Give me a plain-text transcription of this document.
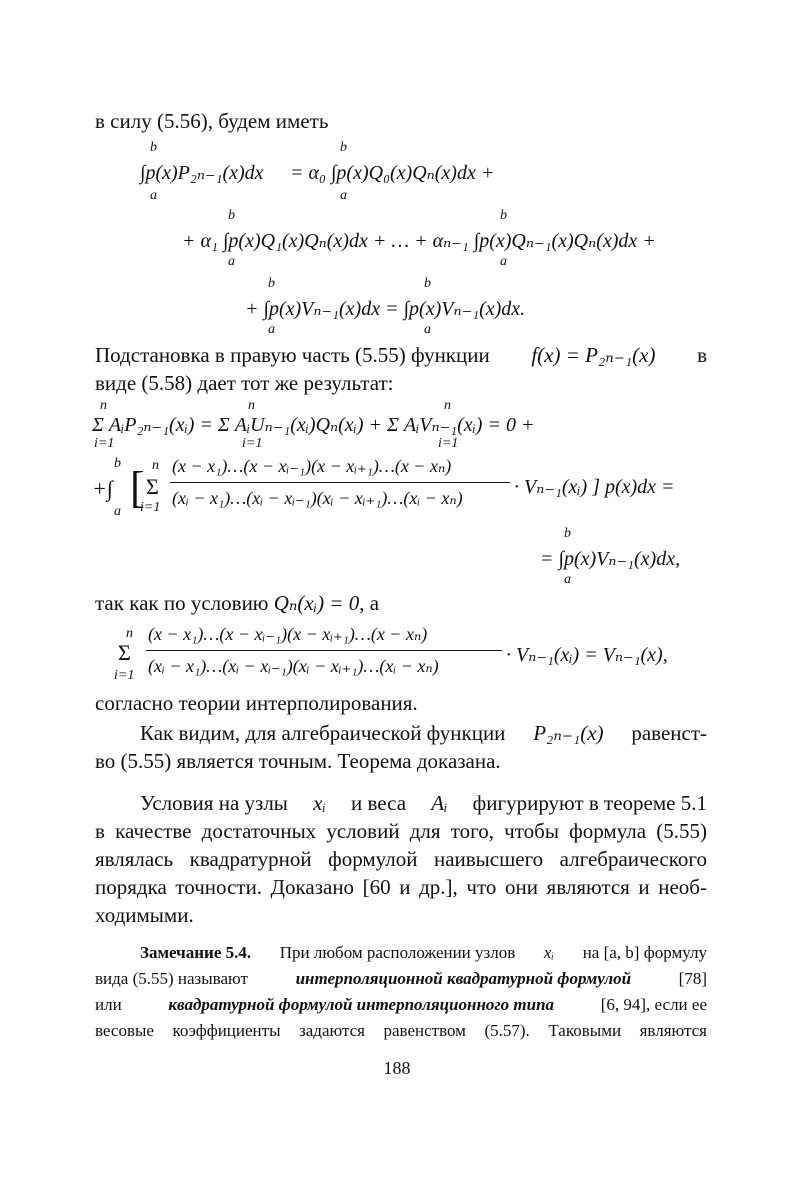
в силу (5.56), будем иметь
b
a
∫p(x)P₂ₙ₋₁(x)dx
b
a
= α₀ ∫p(x)Q₀(x)Qₙ(x)dx +
b
a
b
a
+ α₁ ∫p(x)Q₁(x)Qₙ(x)dx + … + αₙ₋₁ ∫p(x)Qₙ₋₁(x)Qₙ(x)dx +
b
a
b
a
+ ∫p(x)Vₙ₋₁(x)dx = ∫p(x)Vₙ₋₁(x)dx.
Подстановка в правую часть (5.55) функции f(x) = P₂ₙ₋₁(x) в
виде (5.58) дает тот же результат:
n
i=1
n
i=1
n
i=1
Σ AᵢP₂ₙ₋₁(xᵢ) = Σ AᵢUₙ₋₁(xᵢ)Qₙ(xᵢ) + Σ AᵢVₙ₋₁(xᵢ) = 0 +
+∫
b
a [ n
Σ
i=1
(x − x₁)…(x − xᵢ₋₁)(x − xᵢ₊₁)…(x − xₙ)
(xᵢ − x₁)…(xᵢ − xᵢ₋₁)(xᵢ − xᵢ₊₁)…(xᵢ − xₙ)	· Vₙ₋₁(xᵢ) ] p(x)dx =
b
a
= ∫p(x)Vₙ₋₁(x)dx,
так как по условию Qₙ(xᵢ) = 0, а
n
Σ
i=1
(x − x₁)…(x − xᵢ₋₁)(x − xᵢ₊₁)…(x − xₙ)
(xᵢ − x₁)…(xᵢ − xᵢ₋₁)(xᵢ − xᵢ₊₁)…(xᵢ − xₙ)	· Vₙ₋₁(xᵢ) = Vₙ₋₁(x),
согласно теории интерполирования.
Как видим, для алгебраической функции P₂ₙ₋₁(x) равенст-
во (5.55) является точным. Теорема доказана.
Условия на узлы xᵢ и веса Aᵢ фигурируют в теореме 5.1
в качестве достаточных условий для того, чтобы формула (5.55)
являлась квадратурной формулой наивысшего алгебраического
порядка точности. Доказано [60 и др.], что они являются и необ-
ходимыми.
Замечание 5.4. При любом расположении узлов xᵢ на [a, b] формулу
вида (5.55) называют	интерполяционной квадратурной формулой	[78]
или	квадратурной формулой интерполяционного типа	[6, 94], если ее
весовые коэффициенты задаются равенством (5.57). Таковыми являются
188
